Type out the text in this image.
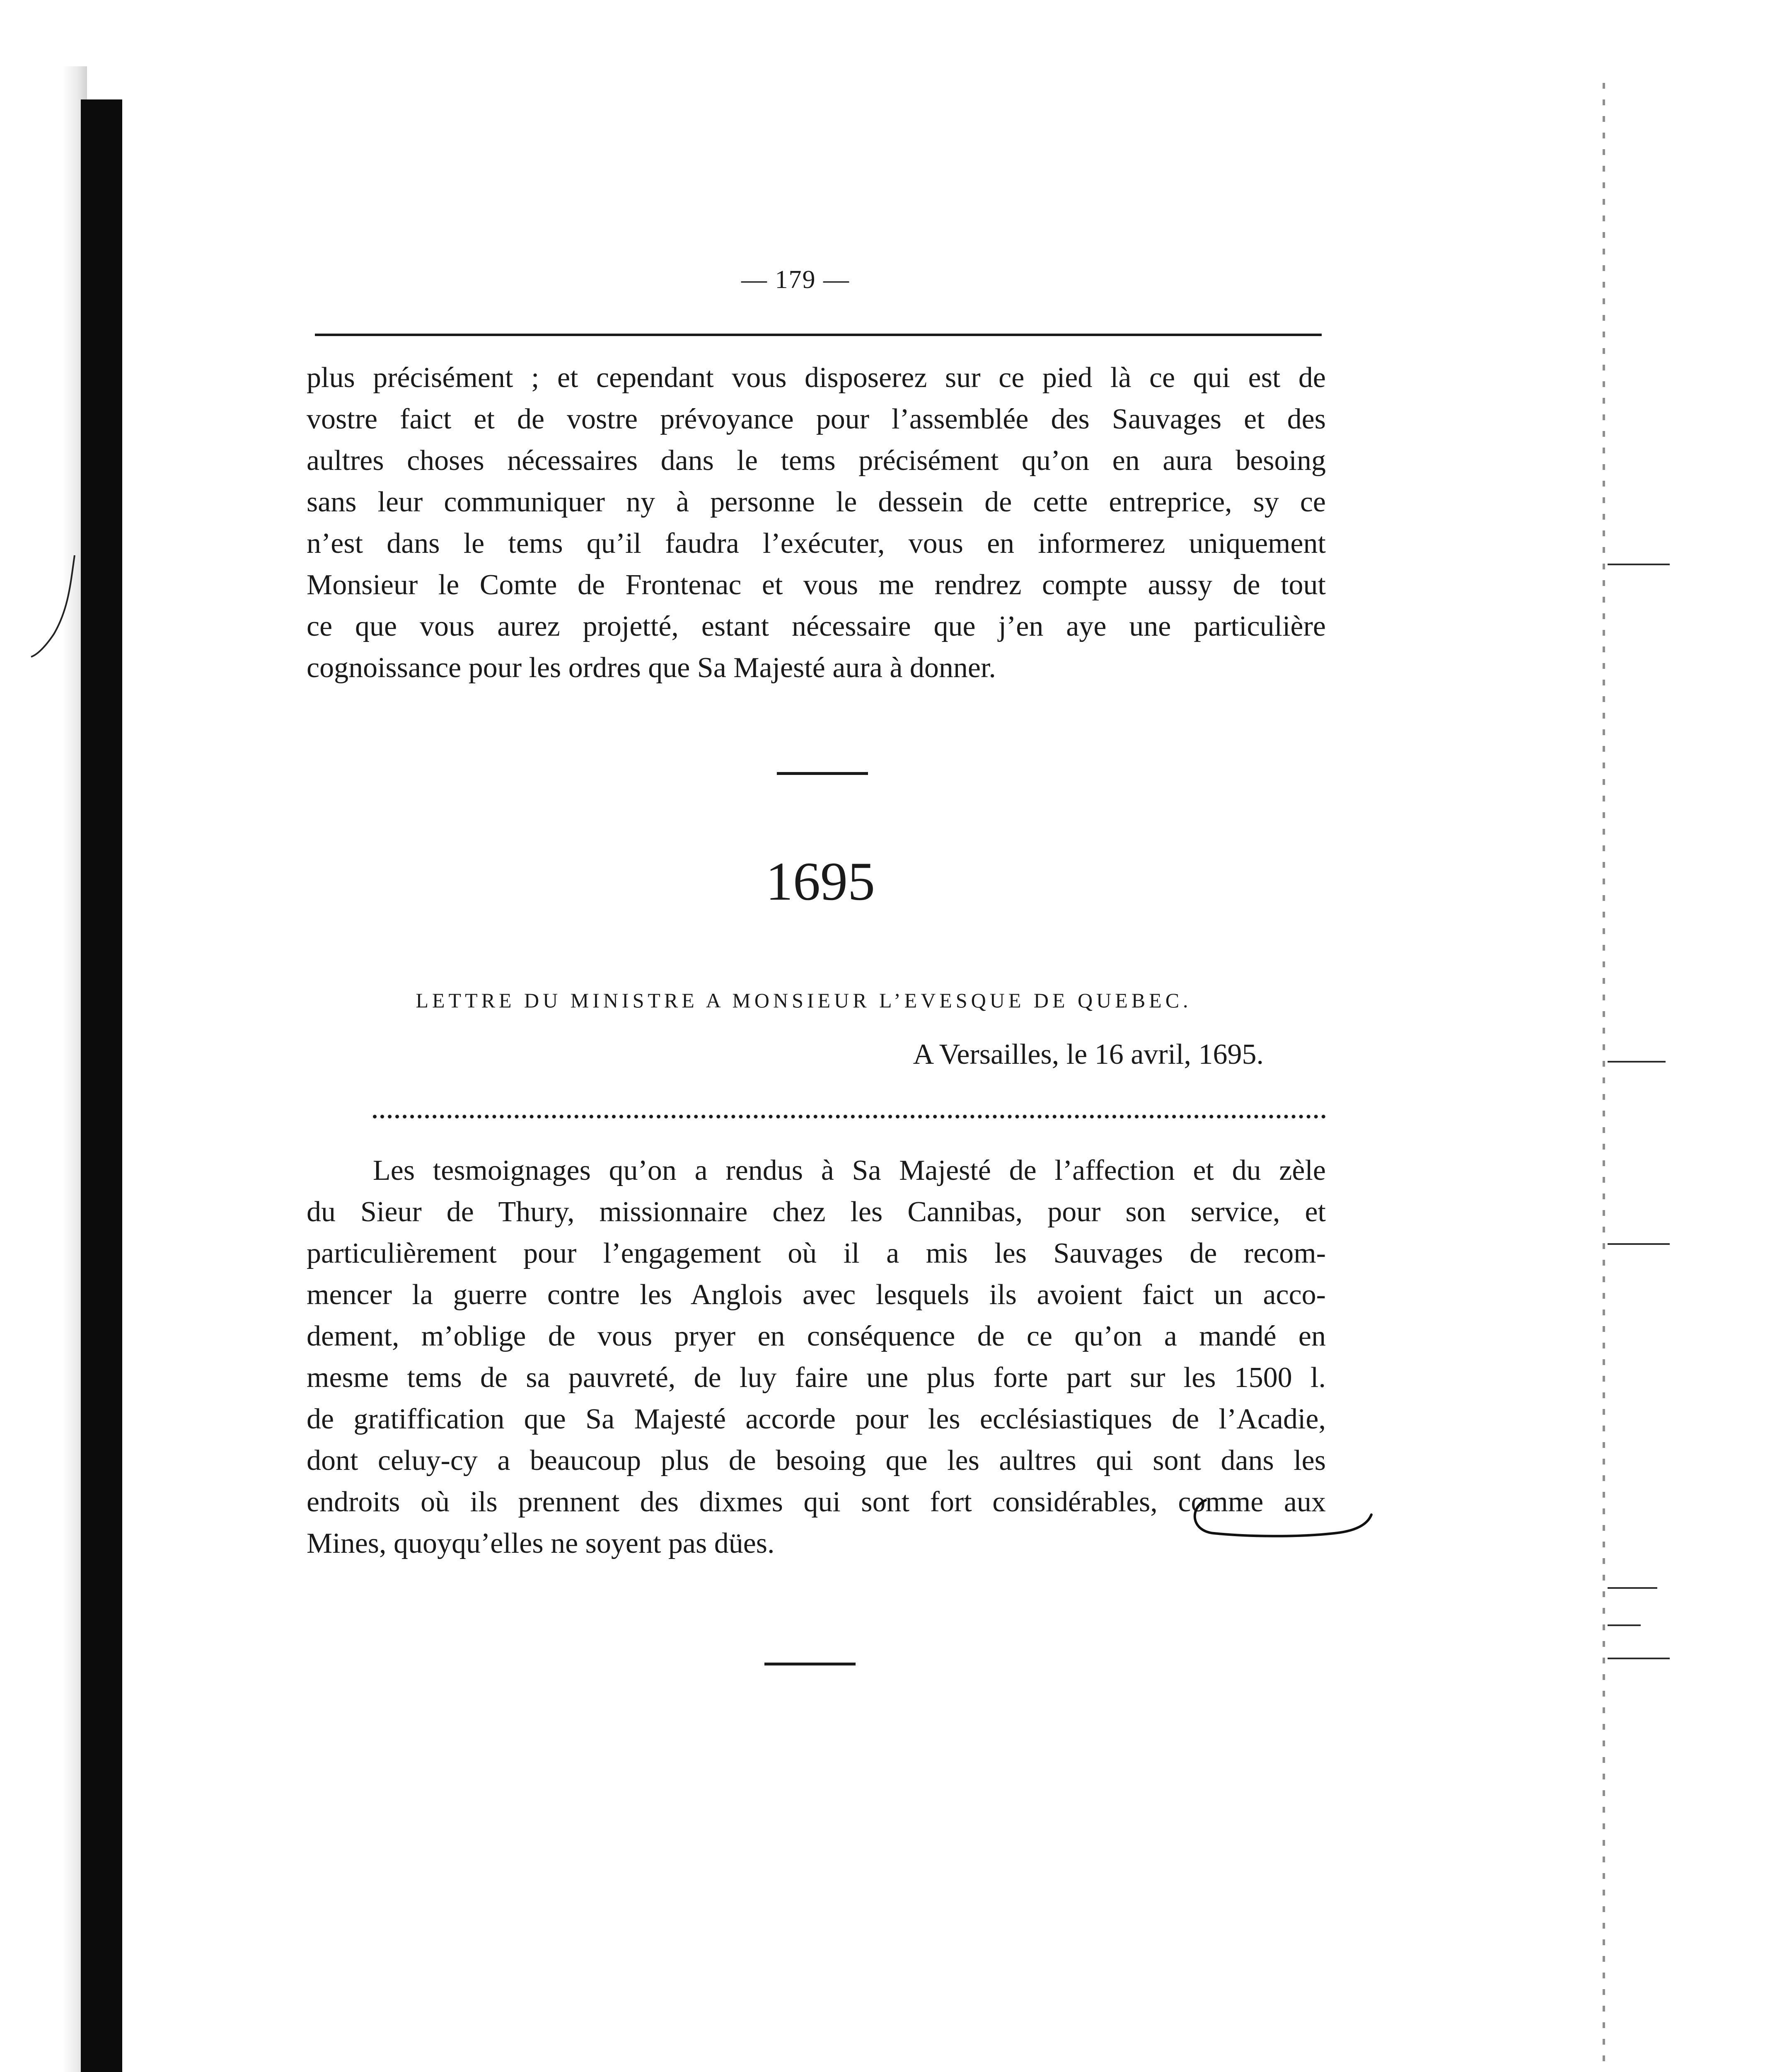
— 179 —
plus précisément ; et cependant vous disposerez sur ce pied là ce qui est de
vostre faict et de vostre prévoyance pour l’assemblée des Sauvages et des
aultres choses nécessaires dans le tems précisément qu’on en aura besoing
sans leur communiquer ny à personne le dessein de cette entreprice, sy ce
n’est dans le tems qu’il faudra l’exécuter, vous en informerez uniquement
Monsieur le Comte de Frontenac et vous me rendrez compte aussy de tout
ce que vous aurez projetté, estant nécessaire que j’en aye une particulière
cognoissance pour les ordres que Sa Majesté aura à donner.
1695
LETTRE DU MINISTRE A MONSIEUR L’EVESQUE DE QUEBEC.
A Versailles, le 16 avril, 1695.
Les tesmoignages qu’on a rendus à Sa Majesté de l’affection et du zèle
du Sieur de Thury, missionnaire chez les Cannibas, pour son service, et
particulièrement pour l’engagement où il a mis les Sauvages de recom-
mencer la guerre contre les Anglois avec lesquels ils avoient faict un acco-
dement, m’oblige de vous pryer en conséquence de ce qu’on a mandé en
mesme tems de sa pauvreté, de luy faire une plus forte part sur les 1500 l.
de gratiffication que Sa Majesté accorde pour les ecclésiastiques de l’Acadie,
dont celuy-cy a beaucoup plus de besoing que les aultres qui sont dans les
endroits où ils prennent des dixmes qui sont fort considérables, comme aux
Mines, quoyqu’elles ne soyent pas dües.
